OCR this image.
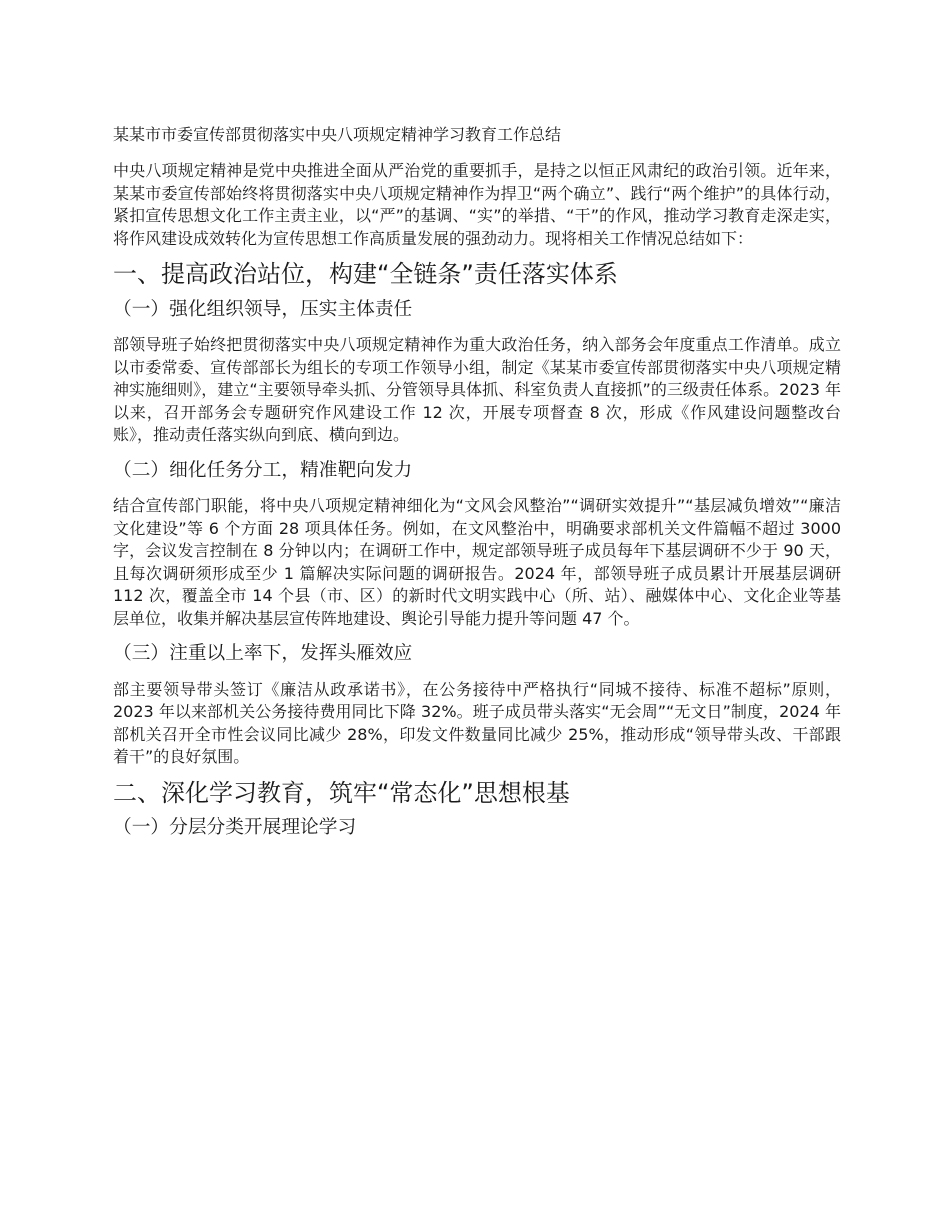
某某市市委宣传部贯彻落实中央八项规定精神学习教育工作总结

中央八项规定精神是党中央推进全面从严治党的重要抓手，是持之以恒正风肃纪的政治引领。近年来，某某市委宣传部始终将贯彻落实中央八项规定精神作为捍卫“两个确立”、践行“两个维护”的具体行动，紧扣宣传思想文化工作主责主业，以“严”的基调、“实”的举措、“干”的作风，推动学习教育走深走实，将作风建设成效转化为宣传思想工作高质量发展的强劲动力。现将相关工作情况总结如下：

一、提高政治站位，构建“全链条”责任落实体系
（一）强化组织领导，压实主体责任

部领导班子始终把贯彻落实中央八项规定精神作为重大政治任务，纳入部务会年度重点工作清单。成立以市委常委、宣传部部长为组长的专项工作领导小组，制定《某某市委宣传部贯彻落实中央八项规定精神实施细则》，建立“主要领导牵头抓、分管领导具体抓、科室负责人直接抓”的三级责任体系。2023 年以来，召开部务会专题研究作风建设工作 12 次，开展专项督查 8 次，形成《作风建设问题整改台账》，推动责任落实纵向到底、横向到边。

（二）细化任务分工，精准靶向发力

结合宣传部门职能，将中央八项规定精神细化为“文风会风整治”“调研实效提升”“基层减负增效”“廉洁文化建设”等 6 个方面 28 项具体任务。例如，在文风整治中，明确要求部机关文件篇幅不超过 3000 字，会议发言控制在 8 分钟以内；在调研工作中，规定部领导班子成员每年下基层调研不少于 90 天，且每次调研须形成至少 1 篇解决实际问题的调研报告。2024 年，部领导班子成员累计开展基层调研 112 次，覆盖全市 14 个县（市、区）的新时代文明实践中心（所、站）、融媒体中心、文化企业等基层单位，收集并解决基层宣传阵地建设、舆论引导能力提升等问题 47 个。

（三）注重以上率下，发挥头雁效应

部主要领导带头签订《廉洁从政承诺书》，在公务接待中严格执行“同城不接待、标准不超标”原则，2023 年以来部机关公务接待费用同比下降 32%。班子成员带头落实“无会周”“无文日”制度，2024 年部机关召开全市性会议同比减少 28%，印发文件数量同比减少 25%，推动形成“领导带头改、干部跟着干”的良好氛围。

二、深化学习教育，筑牢“常态化”思想根基
（一）分层分类开展理论学习
